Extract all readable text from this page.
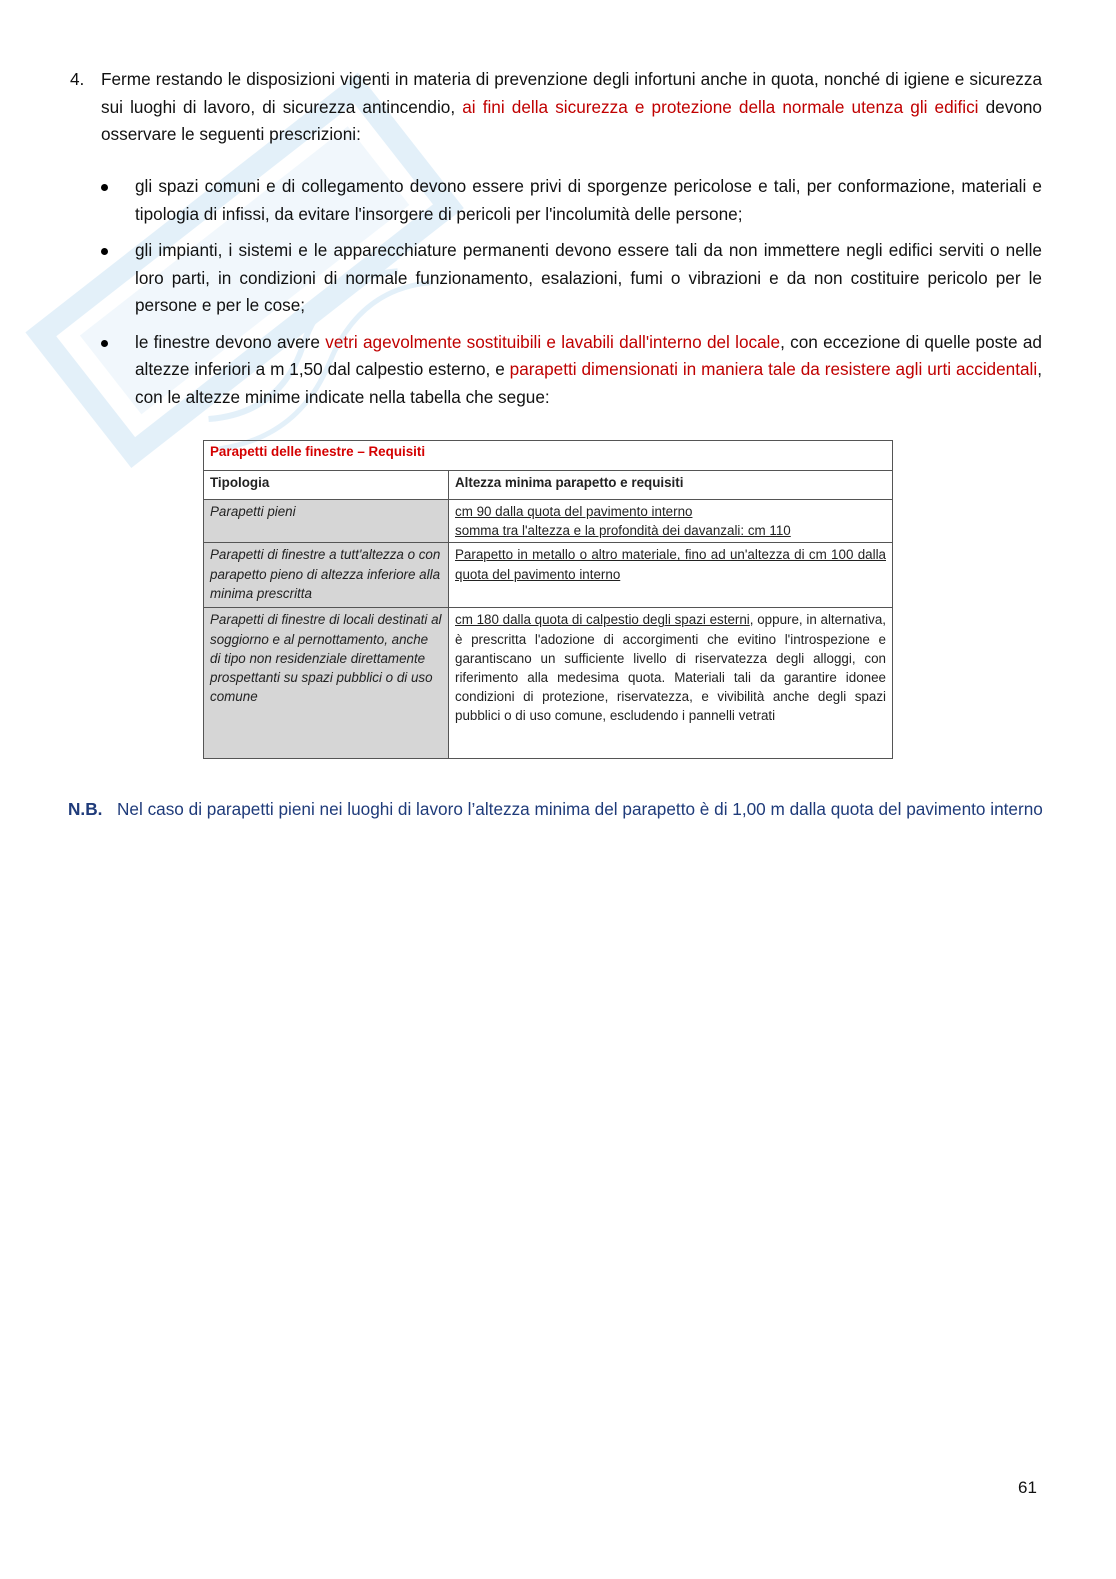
4. Ferme restando le disposizioni vigenti in materia di prevenzione degli infortuni anche in quota, nonché di igiene e sicurezza sui luoghi di lavoro, di sicurezza antincendio, ai fini della sicurezza e protezione della normale utenza gli edifici devono osservare le seguenti prescrizioni:
gli spazi comuni e di collegamento devono essere privi di sporgenze pericolose e tali, per conformazione, materiali e tipologia di infissi, da evitare l'insorgere di pericoli per l'incolumità delle persone;
gli impianti, i sistemi e le apparecchiature permanenti devono essere tali da non immettere negli edifici serviti o nelle loro parti, in condizioni di normale funzionamento, esalazioni, fumi o vibrazioni e da non costituire pericolo per le persone e per le cose;
le finestre devono avere vetri agevolmente sostituibili e lavabili dall'interno del locale, con eccezione di quelle poste ad altezze inferiori a m 1,50 dal calpestio esterno, e parapetti dimensionati in maniera tale da resistere agli urti accidentali, con le altezze minime indicate nella tabella che segue:
Parapetti delle finestre – Requisiti	
Tipologia	Altezza minima parapetto e requisiti
Parapetti pieni	cm 90 dalla quota del pavimento interno
somma tra l'altezza e la profondità dei davanzali: cm 110

Parapetti di finestre a tutt'altezza o con parapetto pieno di altezza inferiore alla minima prescritta	Parapetto in metallo o altro materiale, fino ad un'altezza di cm 100 dalla quota del pavimento interno
Parapetti di finestre di locali destinati al soggiorno e al pernottamento, anche di tipo non residenziale direttamente prospettanti su spazi pubblici o di uso comune	cm 180 dalla quota di calpestio degli spazi esterni, oppure, in alternativa, è prescritta l'adozione di accorgimenti che evitino l'introspezione e garantiscano un sufficiente livello di riservatezza degli alloggi, con riferimento alla medesima quota. Materiali tali da garantire idonee condizioni di protezione, riservatezza, e vivibilità anche degli spazi pubblici o di uso comune, escludendo i pannelli vetrati
N.B. Nel caso di parapetti pieni nei luoghi di lavoro l’altezza minima del parapetto è di 1,00 m dalla quota del pavimento interno
61
